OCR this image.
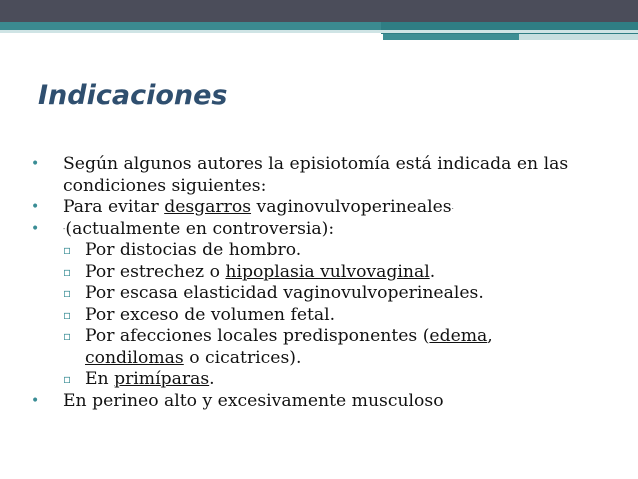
Indicaciones
• Según algunos autores la episiotomía está indicada en las
condiciones siguientes:
• Para evitar desgarros vaginovulvoperineales.
•	-(actualmente en controversia):
▫ Por distocias de hombro.
▫ Por estrechez o hipoplasia vulvovaginal.
▫ Por escasa elasticidad vaginovulvoperineales.
▫ Por exceso de volumen fetal.
▫ Por afecciones locales predisponentes (edema,
condilomas o cicatrices).
▫ En primíparas.
• En perineo alto y excesivamente musculoso
